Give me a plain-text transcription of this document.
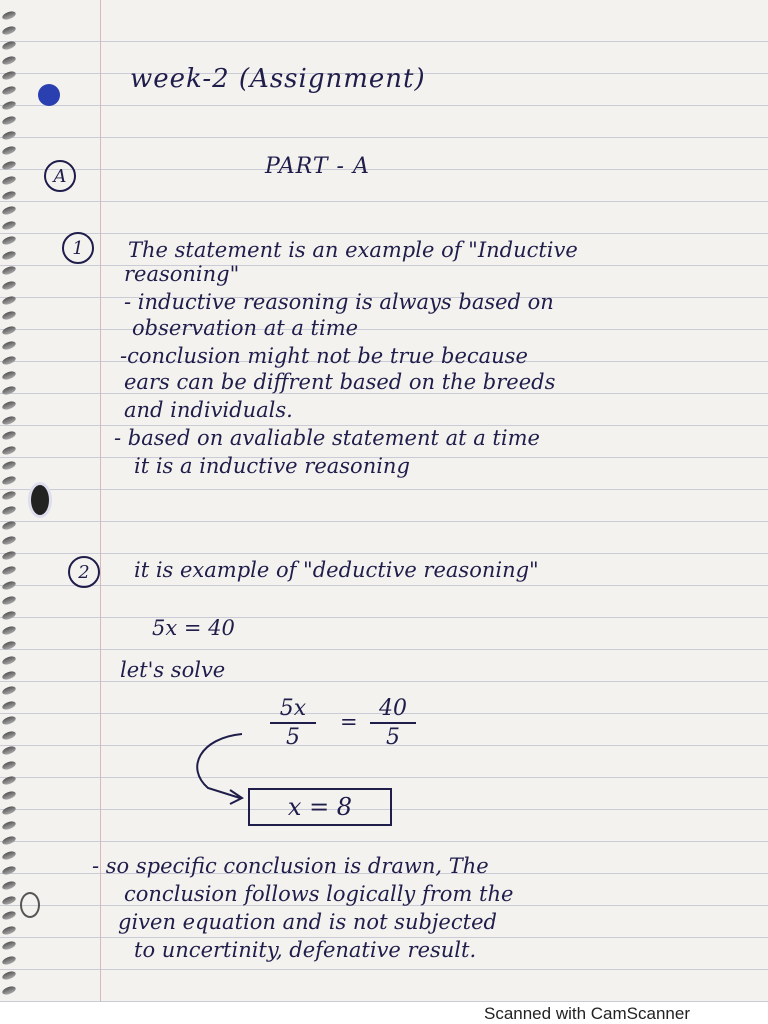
week-2 (Assignment)
A	PART - A
1	The statement is an example of "Inductive
reasoning"
- inductive reasoning is always based on
observation at a time
-conclusion might not be true because
ears can be diffrent based on the breeds
and individuals.
- based on avaliable statement at a time
it is a inductive reasoning
2	it is example of "deductive reasoning"
5x = 40
let's solve
5x
5
=
40
5
x = 8
- so specific conclusion is drawn, The
conclusion follows logically from the
given equation and is not subjected
to uncertinity, defenative result.
Scanned with CamScanner
